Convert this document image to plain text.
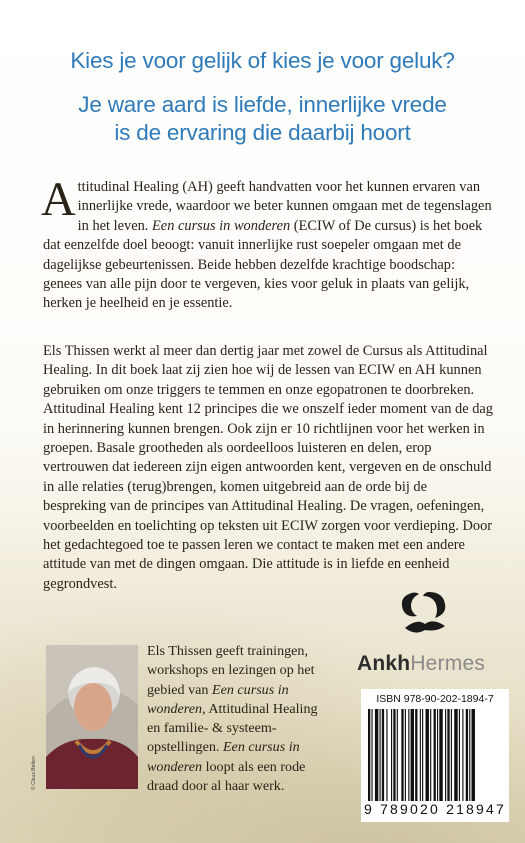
Kies je voor gelijk of kies je voor geluk?
Je ware aard is liefde, innerlijke vrede
is de ervaring die daarbij hoort

Attitudinal Healing (AH) geeft handvatten voor het kunnen ervaren van innerlijke vrede, waardoor we beter kunnen omgaan met de tegenslagen in het leven. Een cursus in wonderen (ECIW of De cursus) is het boek dat eenzelfde doel beoogt: vanuit innerlijke rust soepeler omgaan met de dagelijkse gebeurtenissen. Beide hebben dezelfde krachtige boodschap: genees van alle pijn door te vergeven, kies voor geluk in plaats van gelijk, herken je heelheid en je essentie.

Els Thissen werkt al meer dan dertig jaar met zowel de Cursus als Attitudinal Healing. In dit boek laat zij zien hoe wij de lessen van ECIW en AH kunnen gebruiken om onze triggers te temmen en onze egopatronen te doorbreken. Attitudinal Healing kent 12 principes die we onszelf ieder moment van de dag in herinnering kunnen brengen. Ook zijn er 10 richtlijnen voor het werken in groepen. Basale grootheden als oordeelloos luisteren en delen, erop vertrouwen dat iedereen zijn eigen antwoorden kent, vergeven en de onschuld in alle relaties (terug)brengen, komen uitgebreid aan de orde bij de bespreking van de principes van Attitudinal Healing. De vragen, oefeningen, voorbeelden en toelichting op teksten uit ECIW zorgen voor verdieping. Door het gedachtegoed toe te passen leren we contact te maken met een andere attitude van met de dingen omgaan. Die attitude is in liefde en eenheid gegrondvest.

© Claus Betten

Els Thissen geeft trainingen, workshops en lezingen op het gebied van Een cursus in wonderen, Attitudinal Healing en familie- & systeem-opstellingen. Een cursus in wonderen loopt als een rode draad door al haar werk.

AnkhHermes
ISBN 978-90-202-1894-7
9 789020 218947
